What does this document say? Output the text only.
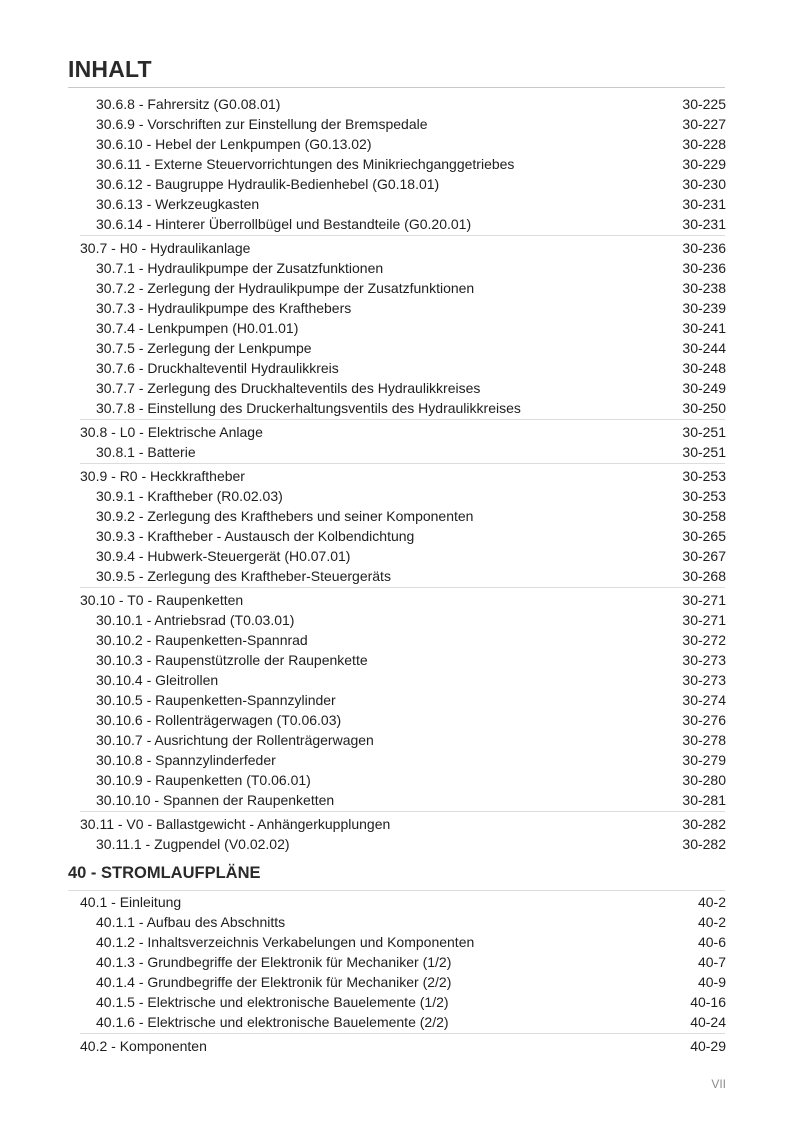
INHALT
30.6.8 - Fahrersitz (G0.08.01)	30-225
30.6.9 - Vorschriften zur Einstellung der Bremspedale	30-227
30.6.10 - Hebel der Lenkpumpen (G0.13.02)	30-228
30.6.11 - Externe Steuervorrichtungen des Minikriechganggetriebes	30-229
30.6.12 - Baugruppe Hydraulik-Bedienhebel (G0.18.01)	30-230
30.6.13 - Werkzeugkasten	30-231
30.6.14 - Hinterer Überrollbügel und Bestandteile (G0.20.01)	30-231
30.7 - H0 - Hydraulikanlage	30-236
30.7.1 - Hydraulikpumpe der Zusatzfunktionen	30-236
30.7.2 - Zerlegung der Hydraulikpumpe der Zusatzfunktionen	30-238
30.7.3 - Hydraulikpumpe des Krafthebers	30-239
30.7.4 - Lenkpumpen (H0.01.01)	30-241
30.7.5 - Zerlegung der Lenkpumpe	30-244
30.7.6 - Druckhalteventil Hydraulikkreis	30-248
30.7.7 - Zerlegung des Druckhalteventils des Hydraulikkreises	30-249
30.7.8 - Einstellung des Druckerhaltungsventils des Hydraulikkreises	30-250
30.8 - L0 - Elektrische Anlage	30-251
30.8.1 - Batterie	30-251
30.9 - R0 - Heckkraftheber	30-253
30.9.1 - Kraftheber (R0.02.03)	30-253
30.9.2 - Zerlegung des Krafthebers und seiner Komponenten	30-258
30.9.3 - Kraftheber - Austausch der Kolbendichtung	30-265
30.9.4 - Hubwerk-Steuergerät (H0.07.01)	30-267
30.9.5 - Zerlegung des Kraftheber-Steuergeräts	30-268
30.10 - T0 - Raupenketten	30-271
30.10.1 - Antriebsrad (T0.03.01)	30-271
30.10.2 - Raupenketten-Spannrad	30-272
30.10.3 - Raupenstützrolle der Raupenkette	30-273
30.10.4 - Gleitrollen	30-273
30.10.5 - Raupenketten-Spannzylinder	30-274
30.10.6 - Rollenträgerwagen (T0.06.03)	30-276
30.10.7 - Ausrichtung der Rollenträgerwagen	30-278
30.10.8 - Spannzylinderfeder	30-279
30.10.9 - Raupenketten (T0.06.01)	30-280
30.10.10 - Spannen der Raupenketten	30-281
30.11 - V0 - Ballastgewicht - Anhängerkupplungen	30-282
30.11.1 - Zugpendel (V0.02.02)	30-282
40 - STROMLAUFPLÄNE
40.1 - Einleitung	40-2
40.1.1 - Aufbau des Abschnitts	40-2
40.1.2 - Inhaltsverzeichnis Verkabelungen und Komponenten	40-6
40.1.3 - Grundbegriffe der Elektronik für Mechaniker (1/2)	40-7
40.1.4 - Grundbegriffe der Elektronik für Mechaniker (2/2)	40-9
40.1.5 - Elektrische und elektronische Bauelemente (1/2)	40-16
40.1.6 - Elektrische und elektronische Bauelemente (2/2)	40-24
40.2 - Komponenten	40-29
VII
